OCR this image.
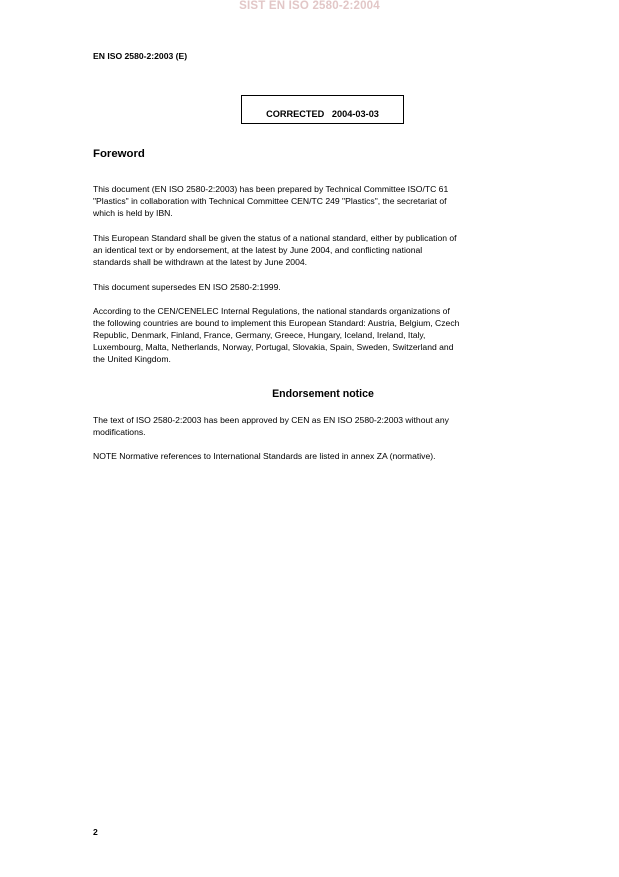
SIST EN ISO 2580-2:2004
EN ISO 2580-2:2003 (E)
CORRECTED   2004-03-03
Foreword
This document (EN ISO 2580-2:2003) has been prepared by Technical Committee ISO/TC 61
"Plastics" in collaboration with Technical Committee CEN/TC 249 "Plastics", the secretariat of
which is held by IBN.
This European Standard shall be given the status of a national standard, either by publication of
an identical text or by endorsement, at the latest by June 2004, and conflicting national
standards shall be withdrawn at the latest by June 2004.
This document supersedes EN ISO 2580-2:1999.
According to the CEN/CENELEC Internal Regulations, the national standards organizations of
the following countries are bound to implement this European Standard: Austria, Belgium, Czech
Republic, Denmark, Finland, France, Germany, Greece, Hungary, Iceland, Ireland, Italy,
Luxembourg, Malta, Netherlands, Norway, Portugal, Slovakia, Spain, Sweden, Switzerland and
the United Kingdom.
Endorsement notice
The text of ISO 2580-2:2003 has been approved by CEN as EN ISO 2580-2:2003 without any
modifications.
NOTE Normative references to International Standards are listed in annex ZA (normative).
2
